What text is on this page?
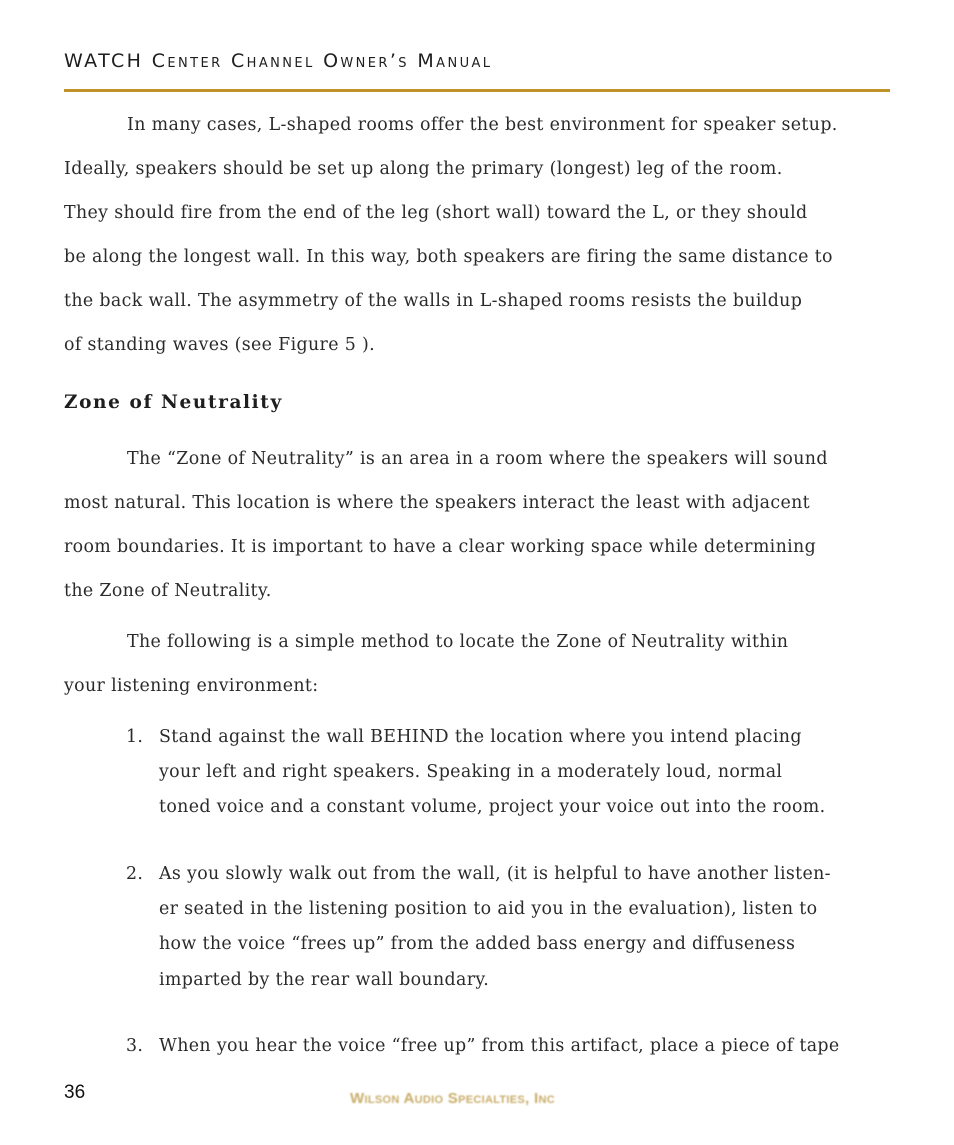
WATCH Center Channel Owner’s Manual
In many cases, L-shaped rooms offer the best environment for speaker setup.
Ideally, speakers should be set up along the primary (longest) leg of the room.
They should fire from the end of the leg (short wall) toward the L, or they should
be along the longest wall. In this way, both speakers are firing the same distance to
the back wall. The asymmetry of the walls in L-shaped rooms resists the buildup
of standing waves (see Figure 5 ).
Zone of Neutrality
The “Zone of Neutrality” is an area in a room where the speakers will sound
most natural. This location is where the speakers interact the least with adjacent
room boundaries. It is important to have a clear working space while determining
the Zone of Neutrality.
The following is a simple method to locate the Zone of Neutrality within
your listening environment:
1. Stand against the wall BEHIND the location where you intend placing
your left and right speakers. Speaking in a moderately loud, normal
toned voice and a constant volume, project your voice out into the room.
2. As you slowly walk out from the wall, (it is helpful to have another listen-
er seated in the listening position to aid you in the evaluation), listen to
how the voice “frees up” from the added bass energy and diffuseness
imparted by the rear wall boundary.
3. When you hear the voice “free up” from this artifact, place a piece of tape
36	Wilson Audio Specialties, Inc
